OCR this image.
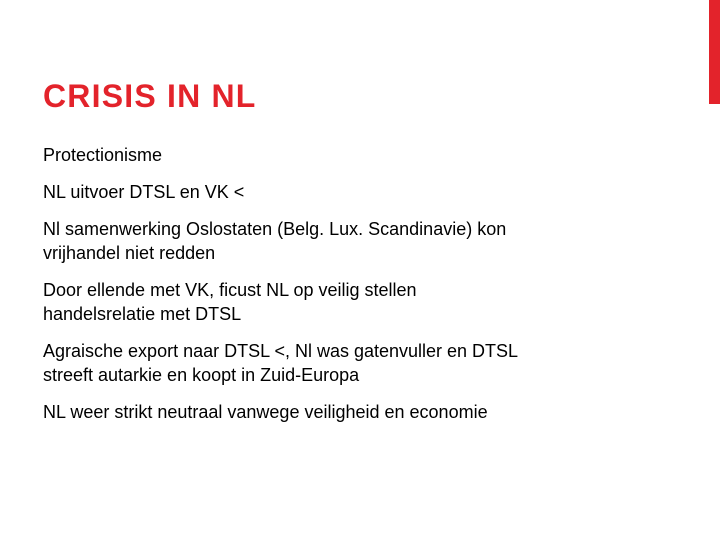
CRISIS IN NL
Protectionisme
NL uitvoer DTSL en VK <
Nl samenwerking Oslostaten (Belg. Lux. Scandinavie) kon
vrijhandel niet redden
Door ellende met VK, ficust NL op veilig stellen
handelsrelatie met DTSL
Agraische export naar DTSL <, Nl was gatenvuller en DTSL
streeft autarkie en koopt in Zuid-Europa
NL weer strikt neutraal vanwege veiligheid en economie
